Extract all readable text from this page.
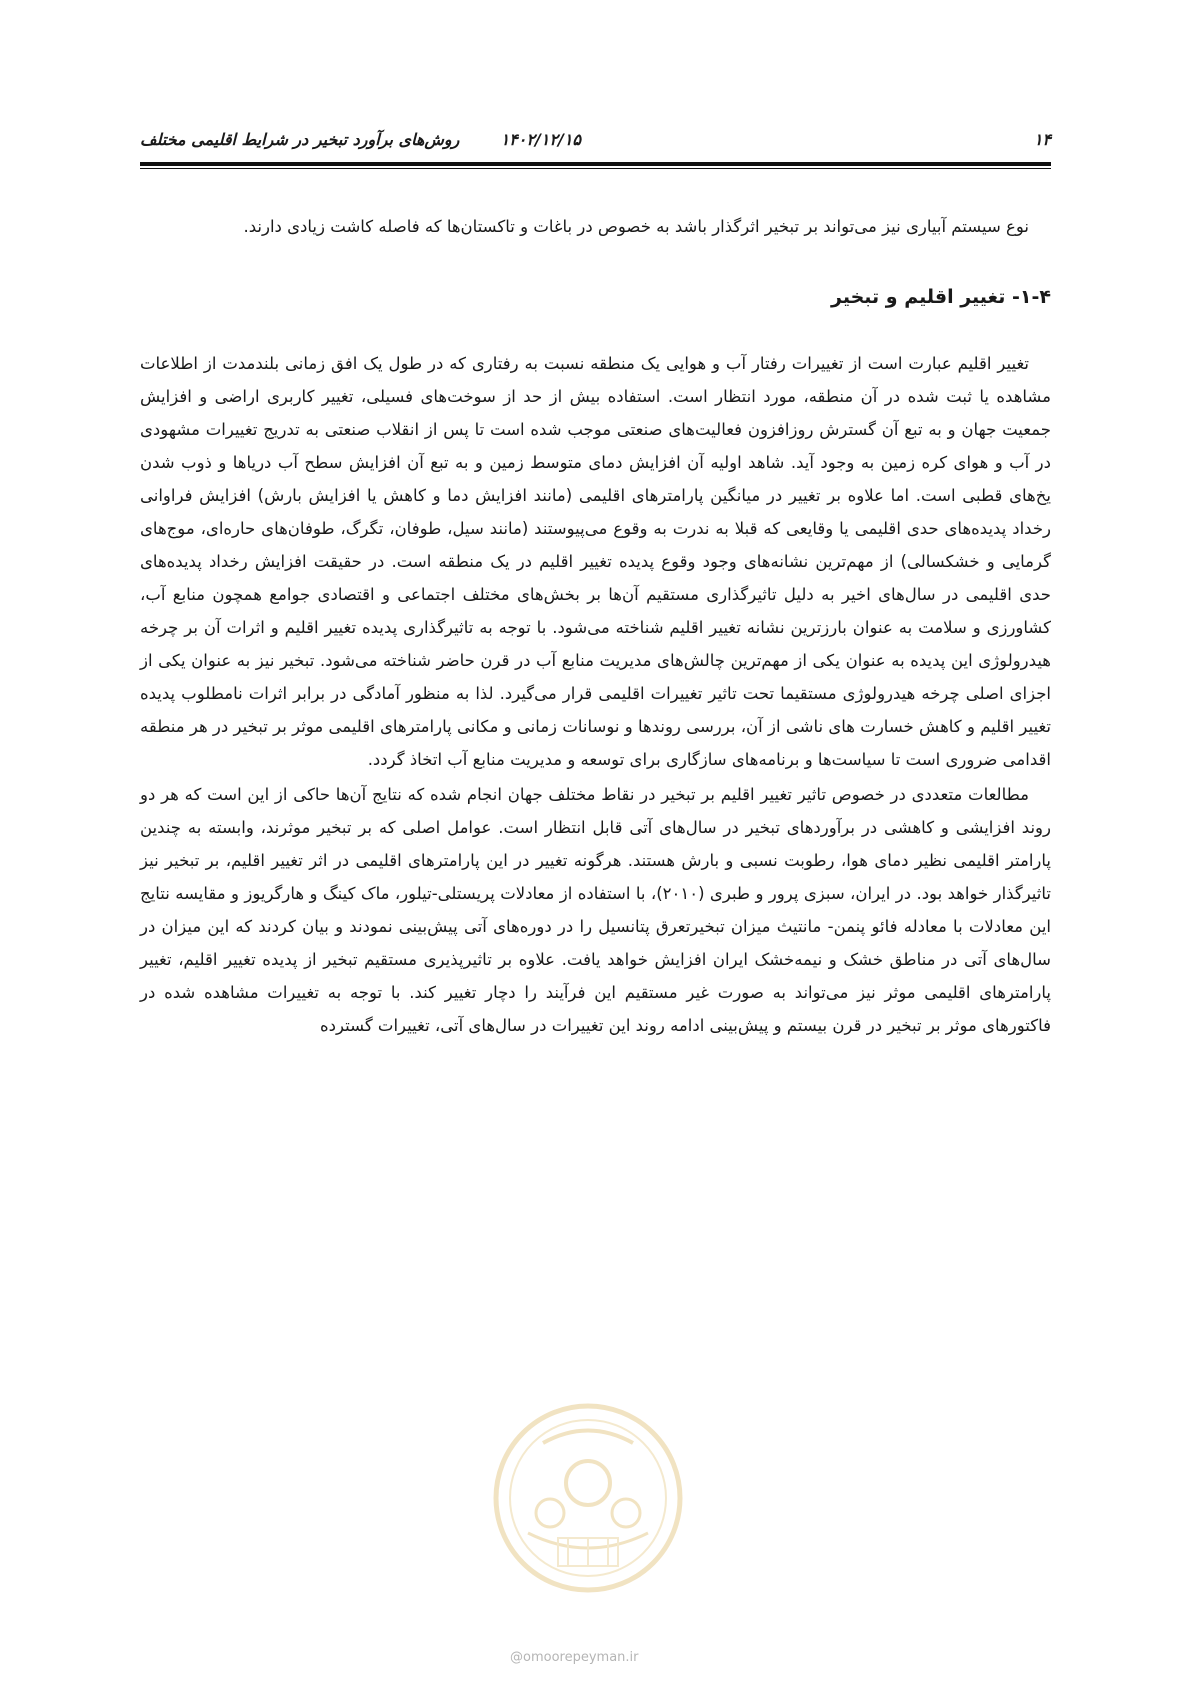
۱۴
۱۴۰۲/۱۲/۱۵
روش‌های برآورد تبخیر در شرایط اقلیمی مختلف

نوع سیستم آبیاری نیز می‌تواند بر تبخیر اثرگذار باشد به خصوص در باغات و تاکستان‌ها که فاصله کاشت زیادی دارند.

۱-۴- تغییر اقلیم و تبخیر

تغییر اقلیم عبارت است از تغییرات رفتار آب و هوایی یک منطقه نسبت به رفتاری که در طول یک افق زمانی بلندمدت از اطلاعات مشاهده یا ثبت شده در آن منطقه، مورد انتظار است. استفاده بیش از حد از سوخت‌های فسیلی، تغییر کاربری اراضی و افزایش جمعیت جهان و به تبع آن گسترش روزافزون فعالیت‌های صنعتی موجب شده است تا پس از انقلاب صنعتی به تدریج تغییرات مشهودی در آب و هوای کره زمین به وجود آید. شاهد اولیه آن افزایش دمای متوسط زمین و به تبع آن افزایش سطح آب دریاها و ذوب شدن یخ‌های قطبی است. اما علاوه بر تغییر در میانگین پارامترهای اقلیمی (مانند افزایش دما و کاهش یا افزایش بارش) افزایش فراوانی رخداد پدیده‌های حدی اقلیمی یا وقایعی که قبلا به ندرت به وقوع می‌پیوستند (مانند سیل، طوفان، تگرگ، طوفان‌های حاره‌ای، موج‌های گرمایی و خشکسالی) از مهم‌ترین نشانه‌های وجود وقوع پدیده تغییر اقلیم در یک منطقه است. در حقیقت افزایش رخداد پدیده‌های حدی اقلیمی در سال‌های اخیر به دلیل تاثیرگذاری مستقیم آن‌ها بر بخش‌های مختلف اجتماعی و اقتصادی جوامع همچون منابع آب، کشاورزی و سلامت به عنوان بارزترین نشانه تغییر اقلیم شناخته می‌شود. با توجه به تاثیرگذاری پدیده تغییر اقلیم و اثرات آن بر چرخه هیدرولوژی این پدیده به عنوان یکی از مهم‌ترین چالش‌های مدیریت منابع آب در قرن حاضر شناخته می‌شود. تبخیر نیز به عنوان یکی از اجزای اصلی چرخه هیدرولوژی مستقیما تحت تاثیر تغییرات اقلیمی قرار می‌گیرد. لذا به منظور آمادگی در برابر اثرات نامطلوب پدیده تغییر اقلیم و کاهش خسارت های ناشی از آن، بررسی روندها و نوسانات زمانی و مکانی پارامترهای اقلیمی موثر بر تبخیر در هر منطقه اقدامی ضروری است تا سیاست‌ها و برنامه‌های سازگاری برای توسعه و مدیریت منابع آب اتخاذ گردد.

مطالعات متعددی در خصوص تاثیر تغییر اقلیم بر تبخیر در نقاط مختلف جهان انجام شده که نتایج آن‌ها حاکی از این است که هر دو روند افزایشی و کاهشی در برآوردهای تبخیر در سال‌های آتی قابل انتظار است. عوامل اصلی که بر تبخیر موثرند، وابسته به چندین پارامتر اقلیمی نظیر دمای هوا، رطوبت نسبی و بارش هستند. هرگونه تغییر در این پارامترهای اقلیمی در اثر تغییر اقلیم، بر تبخیر نیز تاثیرگذار خواهد بود. در ایران، سبزی پرور و طبری (۲۰۱۰)، با استفاده از معادلات پریستلی-تیلور، ماک کینگ و هارگریوز و مقایسه نتایج این معادلات با معادله فائو پنمن- مانتیث میزان تبخیرتعرق پتانسیل را در دوره‌های آتی پیش‌بینی نمودند و بیان کردند که این میزان در سال‌های آتی در مناطق خشک و نیمه‌خشک ایران افزایش خواهد یافت. علاوه بر تاثیرپذیری مستقیم تبخیر از پدیده تغییر اقلیم، تغییر پارامترهای اقلیمی موثر نیز می‌تواند به صورت غیر مستقیم این فرآیند را دچار تغییر کند. با توجه به تغییرات مشاهده شده در فاکتورهای موثر بر تبخیر در قرن بیستم و پیش‌بینی ادامه روند این تغییرات در سال‌های آتی، تغییرات گسترده

@omoorepeyman.ir
